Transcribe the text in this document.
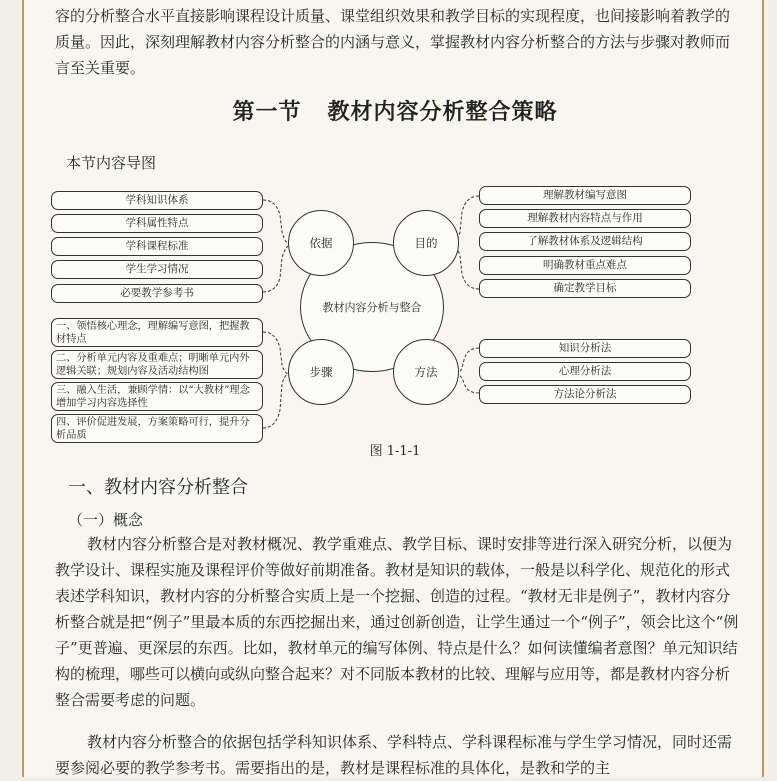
容的分析整合水平直接影响课程设计质量、课堂组织效果和教学目标的实现程度，也间接影响着教学的质量。因此，深刻理解教材内容分析整合的内涵与意义，掌握教材内容分析整合的方法与步骤对教师而言至关重要。

第一节 教材内容分析整合策略
本节内容导图
学科知识体系
学科属性特点
学科课程标准
学生学习情况
必要教学参考书
理解教材编写意图
理解教材内容特点与作用
了解教材体系及逻辑结构
明确教材重点难点
确定教学目标
一、领悟核心理念，理解编写意图，把握教材特点
二、分析单元内容及重难点；明晰单元内外逻辑关联；规划内容及活动结构图
三、融入生活，兼顾学情：以“大教材”理念增加学习内容选择性
四、评价促进发展，方案策略可行，提升分析品质
知识分析法
心理分析法
方法论分析法
教材内容分析与整合
依据	目的
步骤	方法
图 1-1-1
一、教材内容分析整合
（一）概念

教材内容分析整合是对教材概况、教学重难点、教学目标、课时安排等进行深入研究分析，以便为教学设计、课程实施及课程评价等做好前期准备。教材是知识的载体，一般是以科学化、规范化的形式表述学科知识，教材内容的分析整合实质上是一个挖掘、创造的过程。“教材无非是例子”，教材内容分析整合就是把“例子”里最本质的东西挖掘出来，通过创新创造，让学生通过一个“例子”，领会比这个“例子”更普遍、更深层的东西。比如，教材单元的编写体例、特点是什么？如何读懂编者意图？单元知识结构的梳理，哪些可以横向或纵向整合起来？对不同版本教材的比较、理解与应用等，都是教材内容分析整合需要考虑的问题。

教材内容分析整合的依据包括学科知识体系、学科特点、学科课程标准与学生学习情况，同时还需要参阅必要的教学参考书。需要指出的是，教材是课程标准的具体化，是教和学的主
